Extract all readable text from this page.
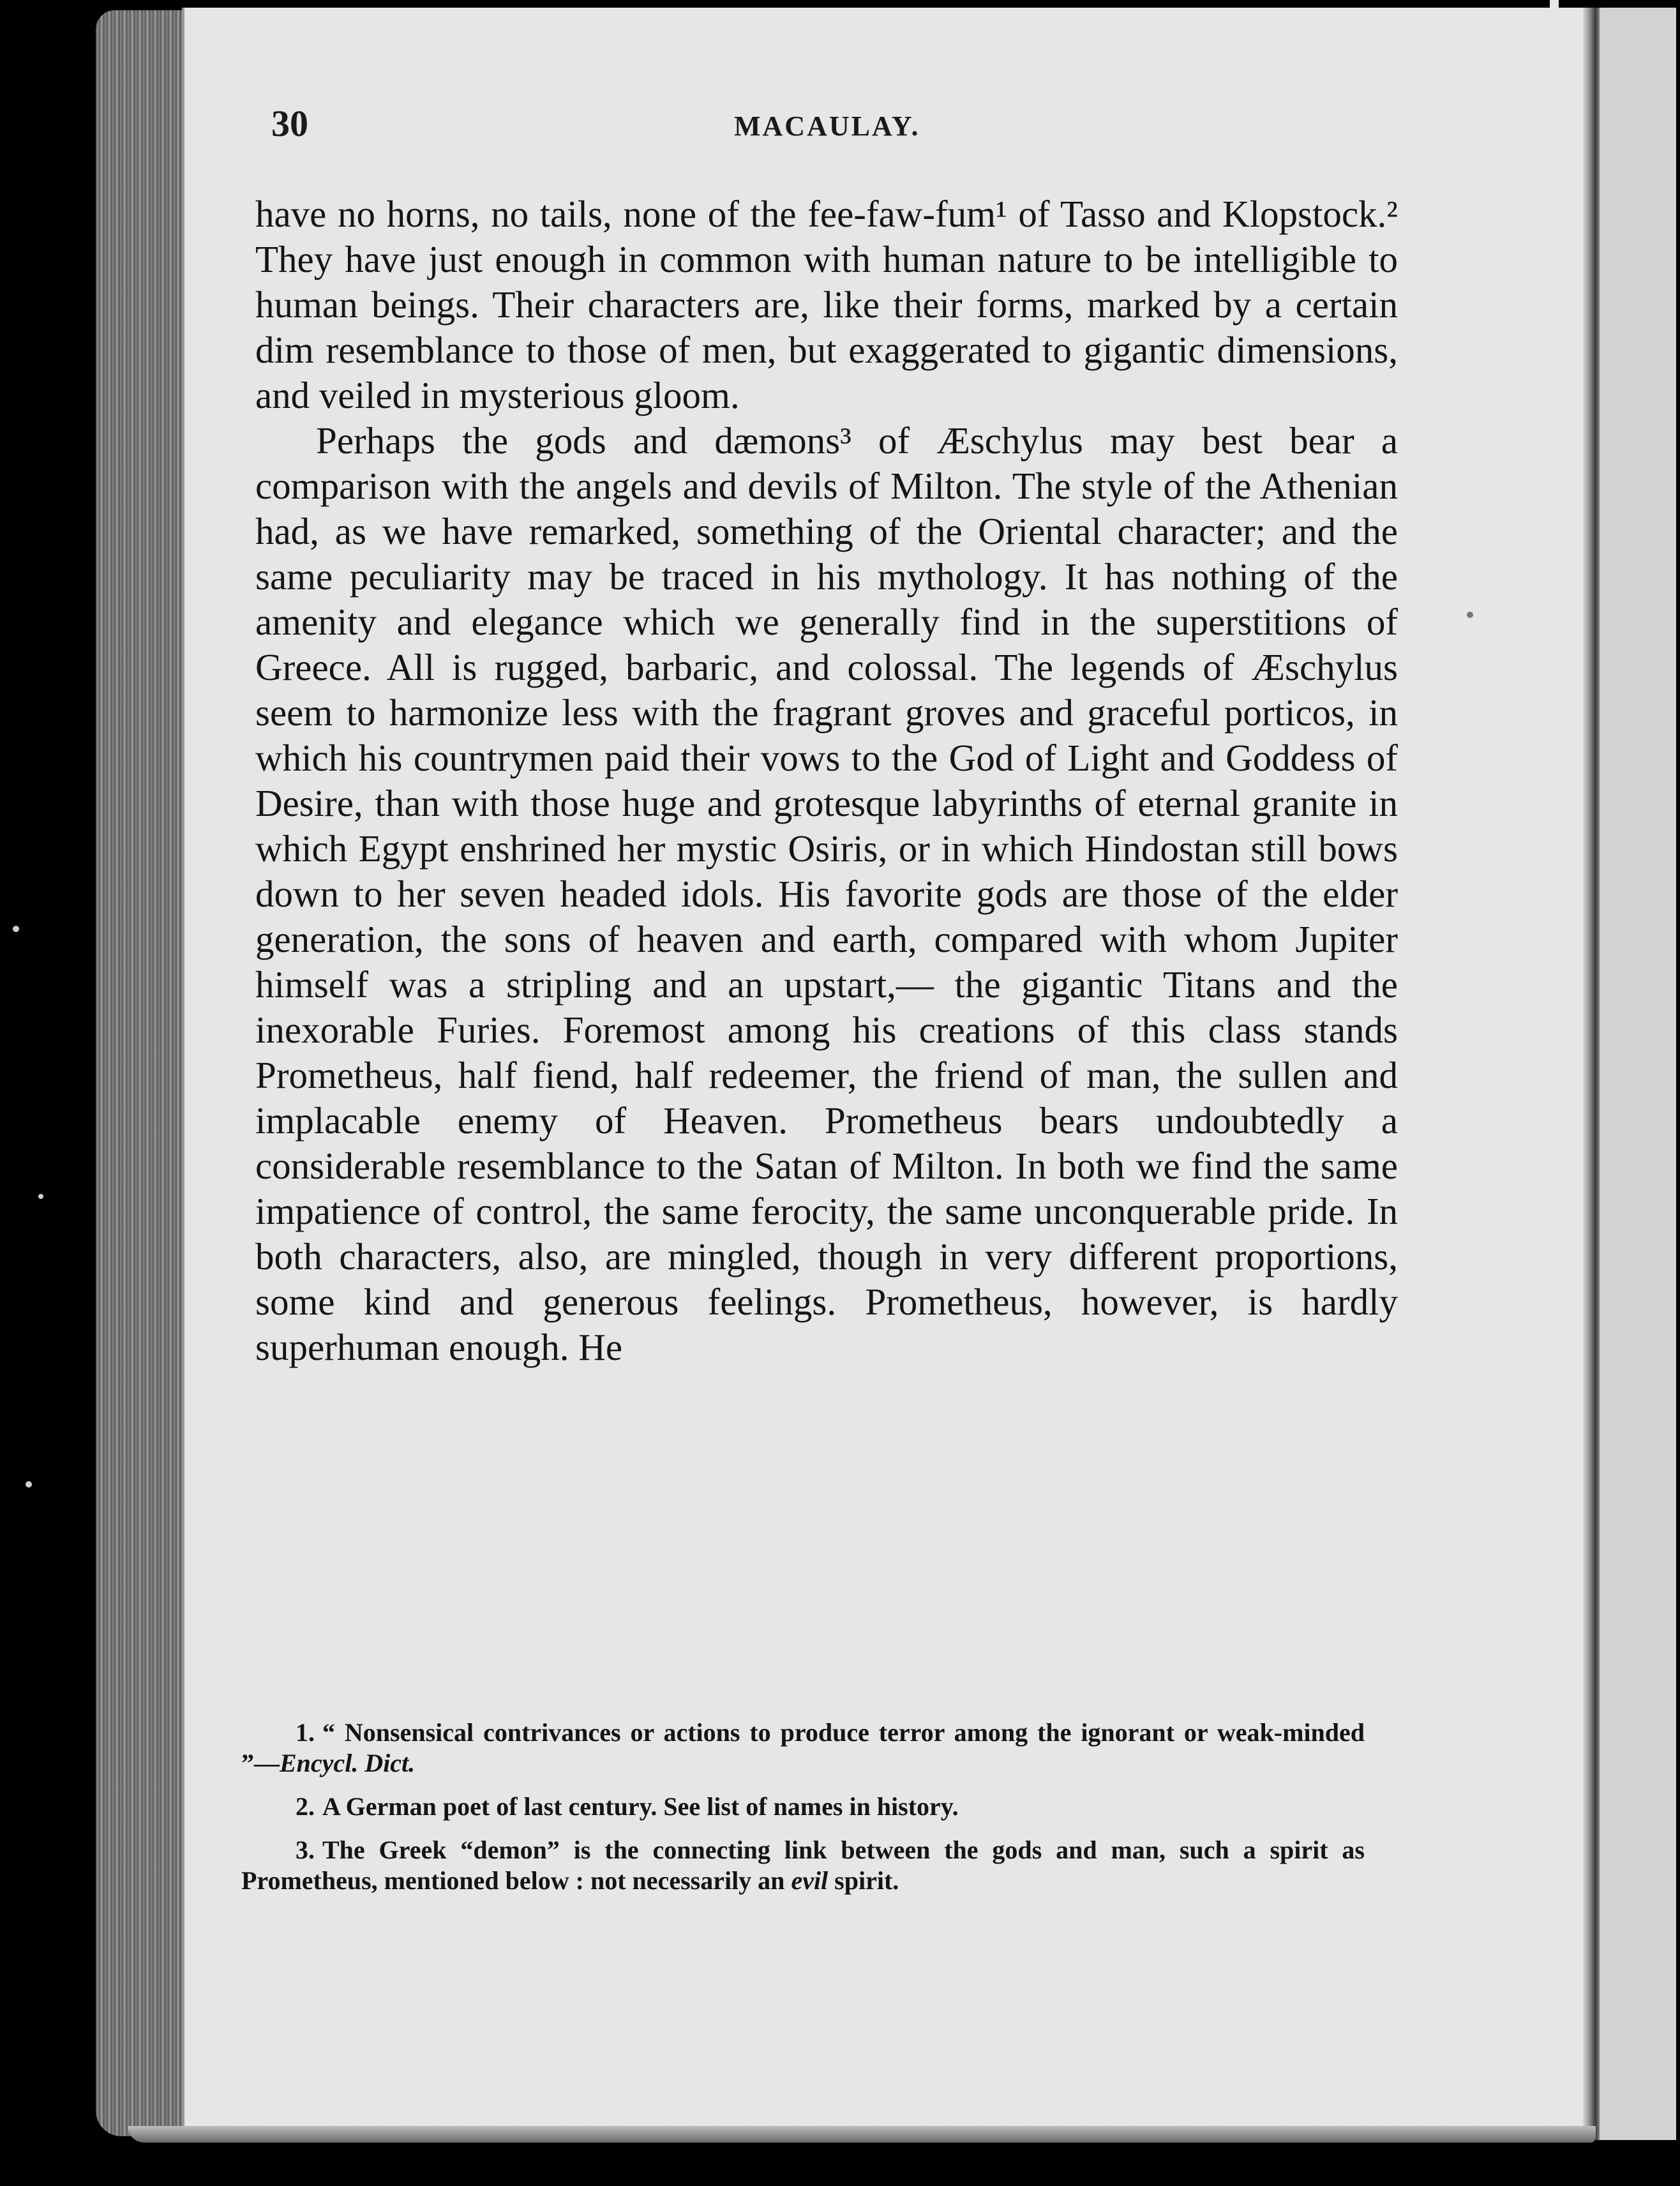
30	MACAULAY.

have no horns, no tails, none of the fee-faw-fum¹ of Tasso and Klopstock.² They have just enough in common with human nature to be intelligible to human beings. Their characters are, like their forms, marked by a certain dim resemblance to those of men, but exaggerated to gigantic dimensions, and veiled in mysterious gloom.

Perhaps the gods and dæmons³ of Æschylus may best bear a comparison with the angels and devils of Milton. The style of the Athenian had, as we have remarked, something of the Oriental character; and the same peculiarity may be traced in his mythology. It has nothing of the amenity and elegance which we generally find in the superstitions of Greece. All is rugged, barbaric, and colossal. The legends of Æschylus seem to harmonize less with the fragrant groves and graceful porticos, in which his countrymen paid their vows to the God of Light and Goddess of Desire, than with those huge and grotesque labyrinths of eternal granite in which Egypt enshrined her mystic Osiris, or in which Hindostan still bows down to her seven headed idols. His favorite gods are those of the elder generation, the sons of heaven and earth, compared with whom Jupiter himself was a stripling and an upstart,— the gigantic Titans and the inexorable Furies. Foremost among his creations of this class stands Prometheus, half fiend, half redeemer, the friend of man, the sullen and implacable enemy of Heaven. Prometheus bears undoubtedly a considerable resemblance to the Satan of Milton. In both we find the same impatience of control, the same ferocity, the same unconquerable pride. In both characters, also, are mingled, though in very different proportions, some kind and generous feelings. Prometheus, however, is hardly superhuman enough. He

1. “ Nonsensical contrivances or actions to produce terror among the ignorant or weak-minded ”—Encycl. Dict.

2. A German poet of last century. See list of names in history.

3. The Greek “demon” is the connecting link between the gods and man, such a spirit as Prometheus, mentioned below : not necessarily an evil spirit.
